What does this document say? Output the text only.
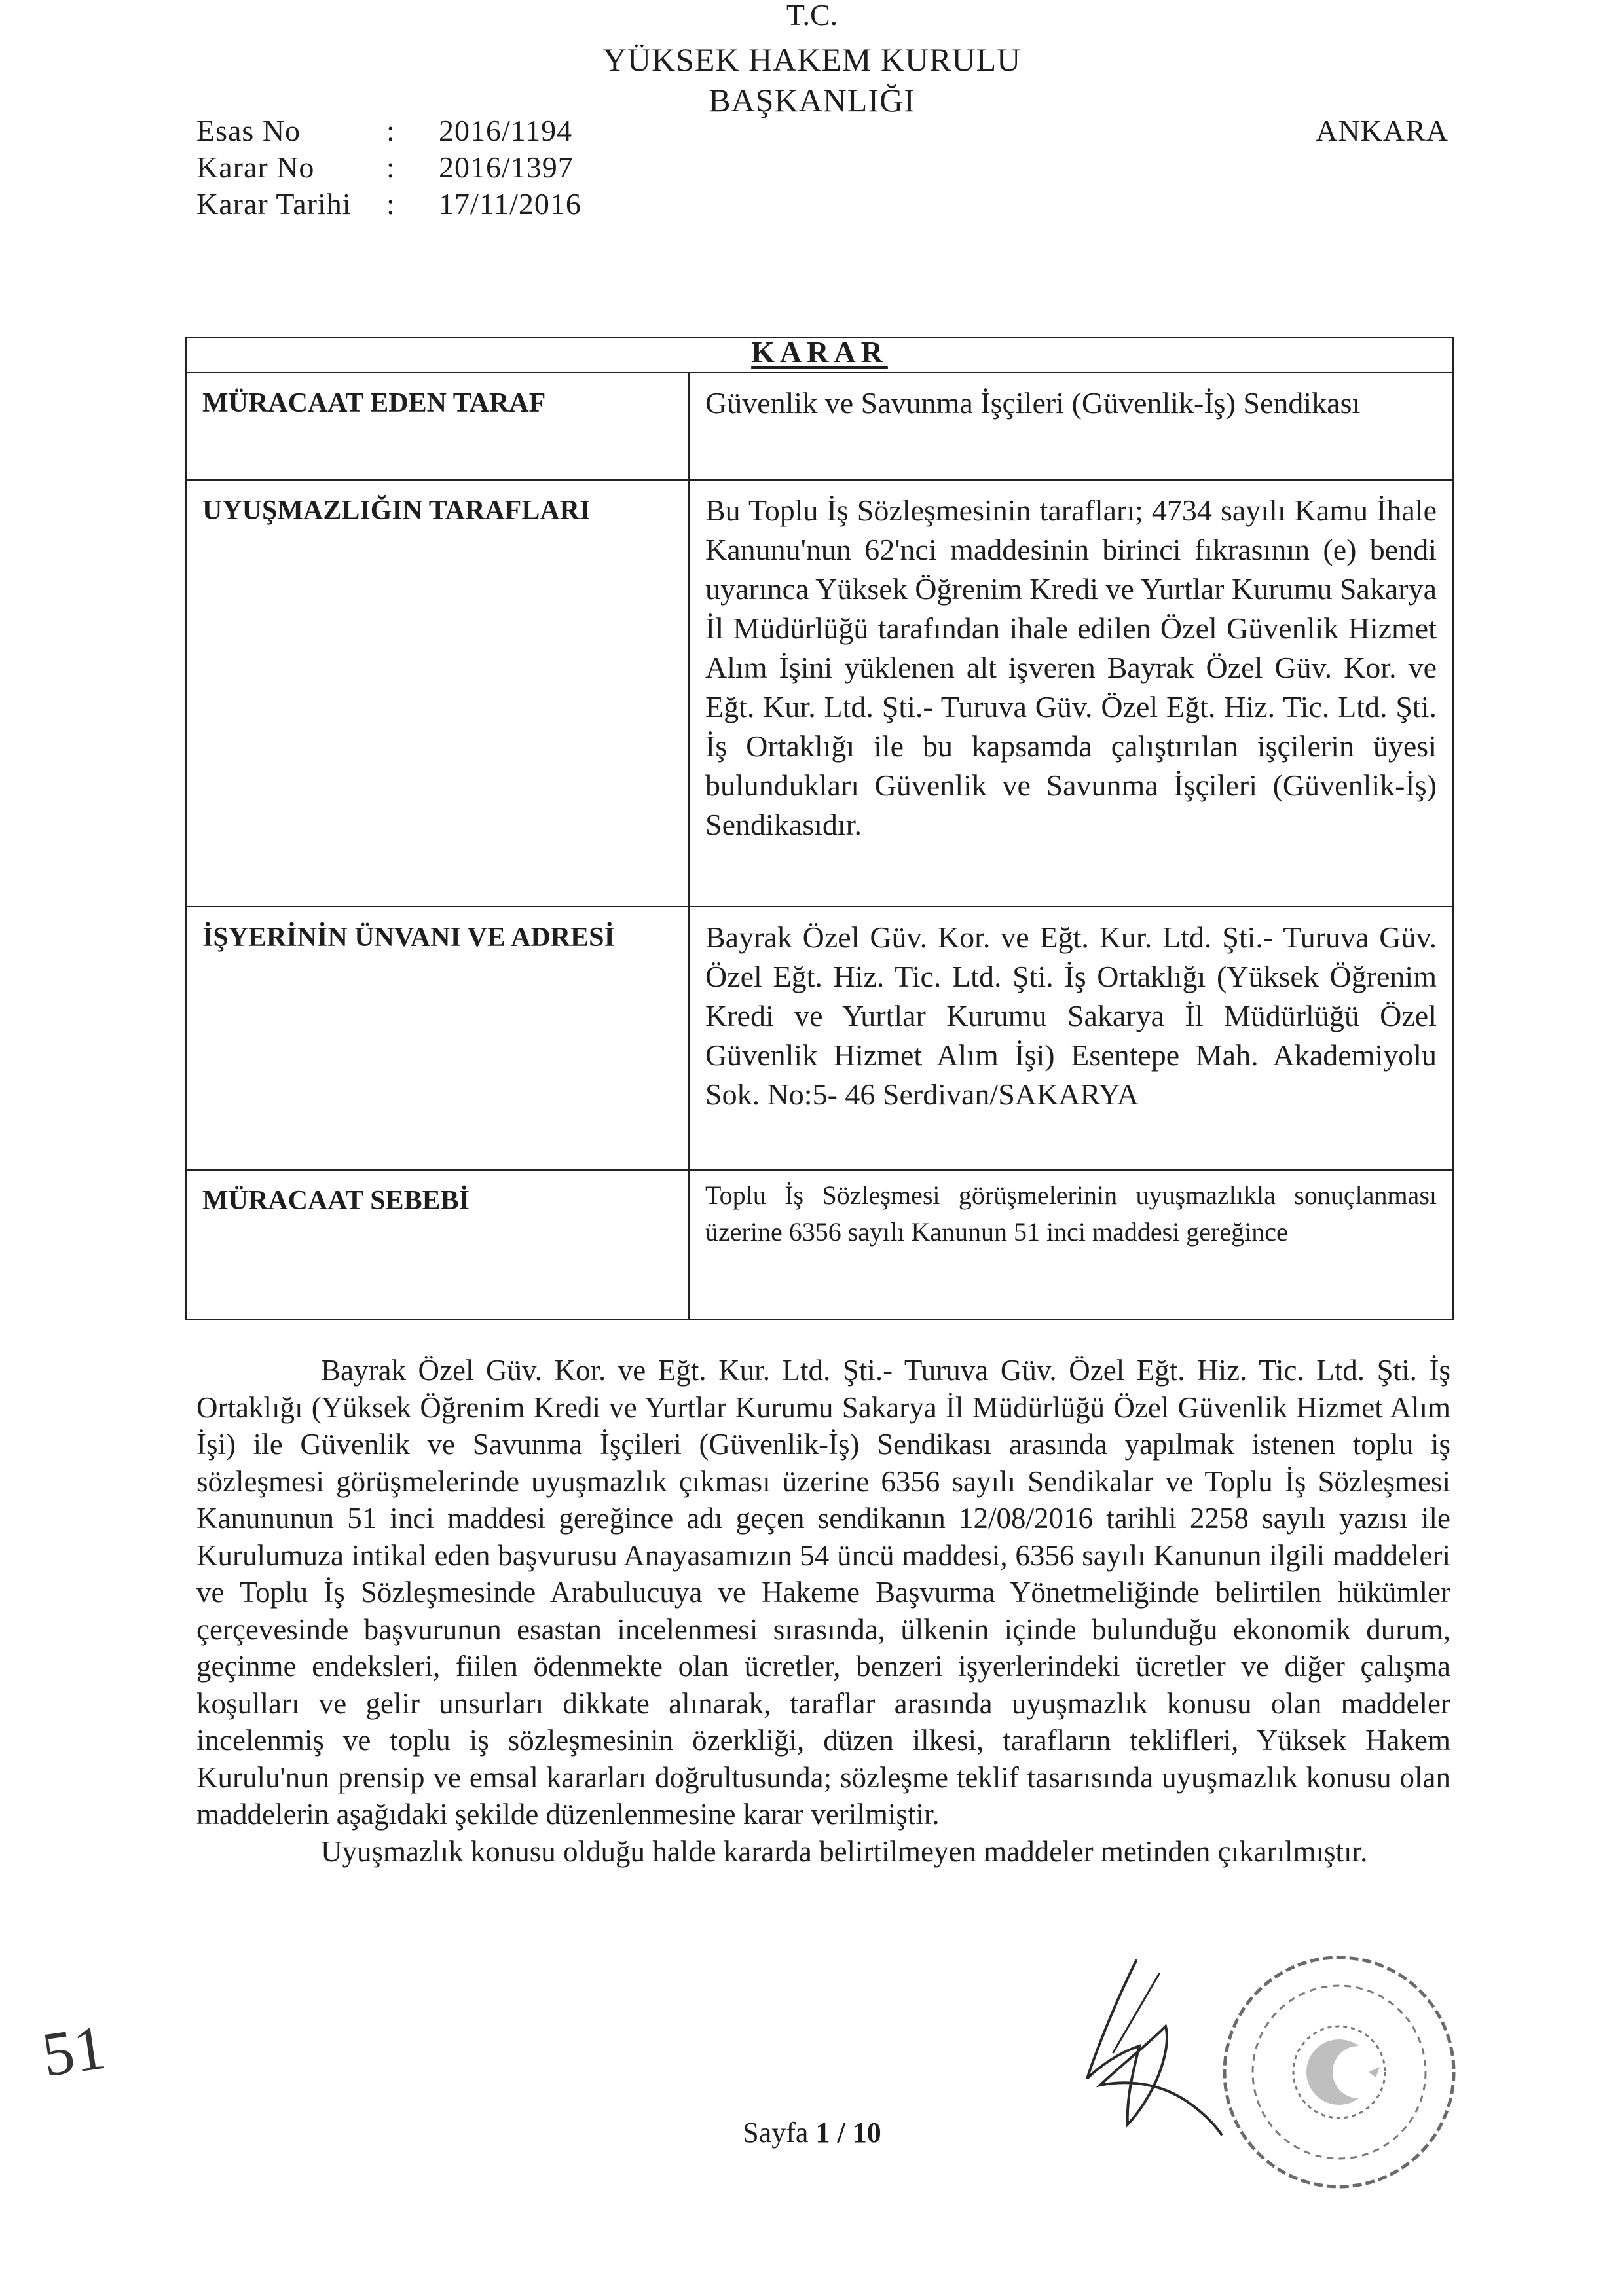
T.C.
YÜKSEK HAKEM KURULU
BAŞKANLIĞI
Esas No	:	2016/1194
Karar No	:	2016/1397
Karar Tarihi	:	17/11/2016
ANKARA
KARAR
MÜRACAAT EDEN TARAF	Güvenlik ve Savunma İşçileri (Güvenlik-İş) Sendikası
UYUŞMAZLIĞIN TARAFLARI	Bu Toplu İş Sözleşmesinin tarafları; 4734 sayılı Kamu İhale Kanunu'nun 62'nci maddesinin birinci fıkrasının (e) bendi uyarınca Yüksek Öğrenim Kredi ve Yurtlar Kurumu Sakarya İl Müdürlüğü tarafından ihale edilen Özel Güvenlik Hizmet Alım İşini yüklenen alt işveren Bayrak Özel Güv. Kor. ve Eğt. Kur. Ltd. Şti.- Turuva Güv. Özel Eğt. Hiz. Tic. Ltd. Şti. İş Ortaklığı ile bu kapsamda çalıştırılan işçilerin üyesi bulundukları Güvenlik ve Savunma İşçileri (Güvenlik-İş) Sendikasıdır.
İŞYERİNİN ÜNVANI VE ADRESİ	Bayrak Özel Güv. Kor. ve Eğt. Kur. Ltd. Şti.- Turuva Güv. Özel Eğt. Hiz. Tic. Ltd. Şti. İş Ortaklığı (Yüksek Öğrenim Kredi ve Yurtlar Kurumu Sakarya İl Müdürlüğü Özel Güvenlik Hizmet Alım İşi) Esentepe Mah. Akademiyolu Sok. No:5- 46 Serdivan/SAKARYA
MÜRACAAT SEBEBİ	Toplu İş Sözleşmesi görüşmelerinin uyuşmazlıkla sonuçlanması üzerine 6356 sayılı Kanunun 51 inci maddesi gereğince

Bayrak Özel Güv. Kor. ve Eğt. Kur. Ltd. Şti.- Turuva Güv. Özel Eğt. Hiz. Tic. Ltd. Şti. İş Ortaklığı (Yüksek Öğrenim Kredi ve Yurtlar Kurumu Sakarya İl Müdürlüğü Özel Güvenlik Hizmet Alım İşi) ile Güvenlik ve Savunma İşçileri (Güvenlik-İş) Sendikası arasında yapılmak istenen toplu iş sözleşmesi görüşmelerinde uyuşmazlık çıkması üzerine 6356 sayılı Sendikalar ve Toplu İş Sözleşmesi Kanununun 51 inci maddesi gereğince adı geçen sendikanın 12/08/2016 tarihli 2258 sayılı yazısı ile Kurulumuza intikal eden başvurusu Anayasamızın 54 üncü maddesi, 6356 sayılı Kanunun ilgili maddeleri ve Toplu İş Sözleşmesinde Arabulucuya ve Hakeme Başvurma Yönetmeliğinde belirtilen hükümler çerçevesinde başvurunun esastan incelenmesi sırasında, ülkenin içinde bulunduğu ekonomik durum, geçinme endeksleri, fiilen ödenmekte olan ücretler, benzeri işyerlerindeki ücretler ve diğer çalışma koşulları ve gelir unsurları dikkate alınarak, taraflar arasında uyuşmazlık konusu olan maddeler incelenmiş ve toplu iş sözleşmesinin özerkliği, düzen ilkesi, tarafların teklifleri, Yüksek Hakem Kurulu'nun prensip ve emsal kararları doğrultusunda; sözleşme teklif tasarısında uyuşmazlık konusu olan maddelerin aşağıdaki şekilde düzenlenmesine karar verilmiştir.

Uyuşmazlık konusu olduğu halde kararda belirtilmeyen maddeler metinden çıkarılmıştır.

51
Sayfa 1 / 10
